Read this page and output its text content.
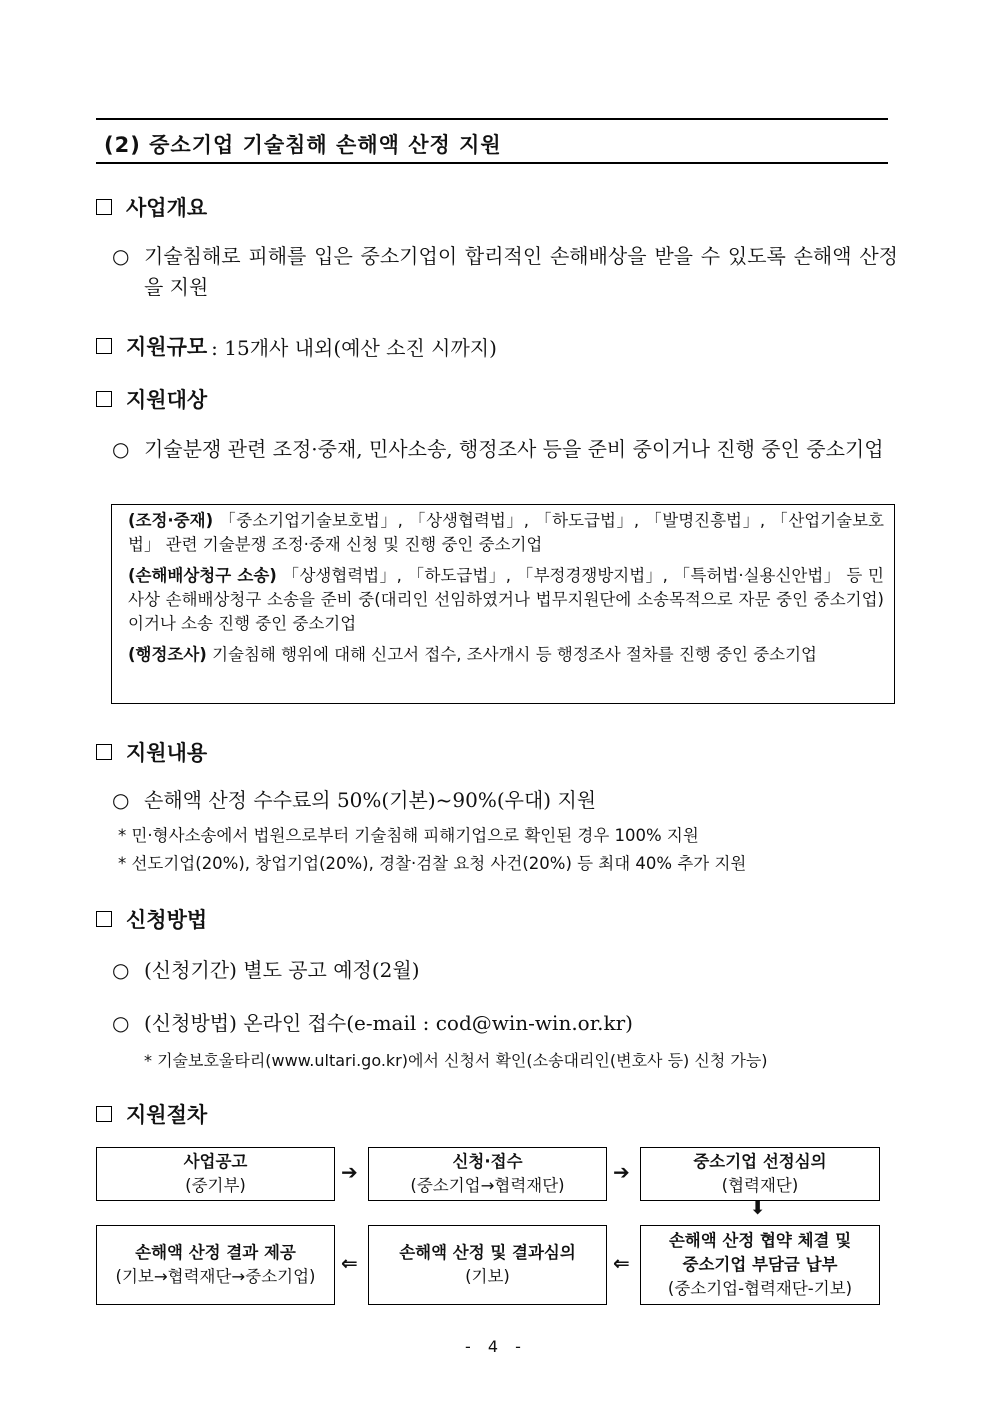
(2) 중소기업 기술침해 손해액 산정 지원
사업개요
○ 기술침해로 피해를 입은 중소기업이 합리적인 손해배상을 받을 수 있도록 손해액 산정을 지원
지원규모 : 15개사 내외(예산 소진 시까지)
지원대상
○ 기술분쟁 관련 조정·중재, 민사소송, 행정조사 등을 준비 중이거나 진행 중인 중소기업

(조정·중재) 「중소기업기술보호법」, 「상생협력법」, 「하도급법」, 「발명진흥법」, 「산업기술보호법」 관련 기술분쟁 조정·중재 신청 및 진행 중인 중소기업

(손해배상청구 소송) 「상생협력법」, 「하도급법」, 「부정경쟁방지법」, 「특허법·실용신안법」 등 민사상 손해배상청구 소송을 준비 중(대리인 선임하였거나 법무지원단에 소송목적으로 자문 중인 중소기업)이거나 소송 진행 중인 중소기업

(행정조사) 기술침해 행위에 대해 신고서 접수, 조사개시 등 행정조사 절차를 진행 중인 중소기업

지원내용
○ 손해액 산정 수수료의 50%(기본)~90%(우대) 지원
* 민·형사소송에서 법원으로부터 기술침해 피해기업으로 확인된 경우 100% 지원
* 선도기업(20%), 창업기업(20%), 경찰·검찰 요청 사건(20%) 등 최대 40% 추가 지원
신청방법
○ (신청기간) 별도 공고 예정(2월)
○ (신청방법) 온라인 접수(e-mail : cod@win-win.or.kr)
* 기술보호울타리(www.ultari.go.kr)에서 신청서 확인(소송대리인(변호사 등) 신청 가능)
지원절차
사업공고
(중기부)
➔	신청·접수
(중소기업→협력재단)
➔	중소기업 선정심의
(협력재단)
⬇
손해액 산정 결과 제공
(기보→협력재단→중소기업)
⇐	손해액 산정 및 결과심의
(기보)
⇐
손해액 산정 협약 체결 및
중소기업 부담금 납부
(중소기업-협력재단-기보)
- 4 -
